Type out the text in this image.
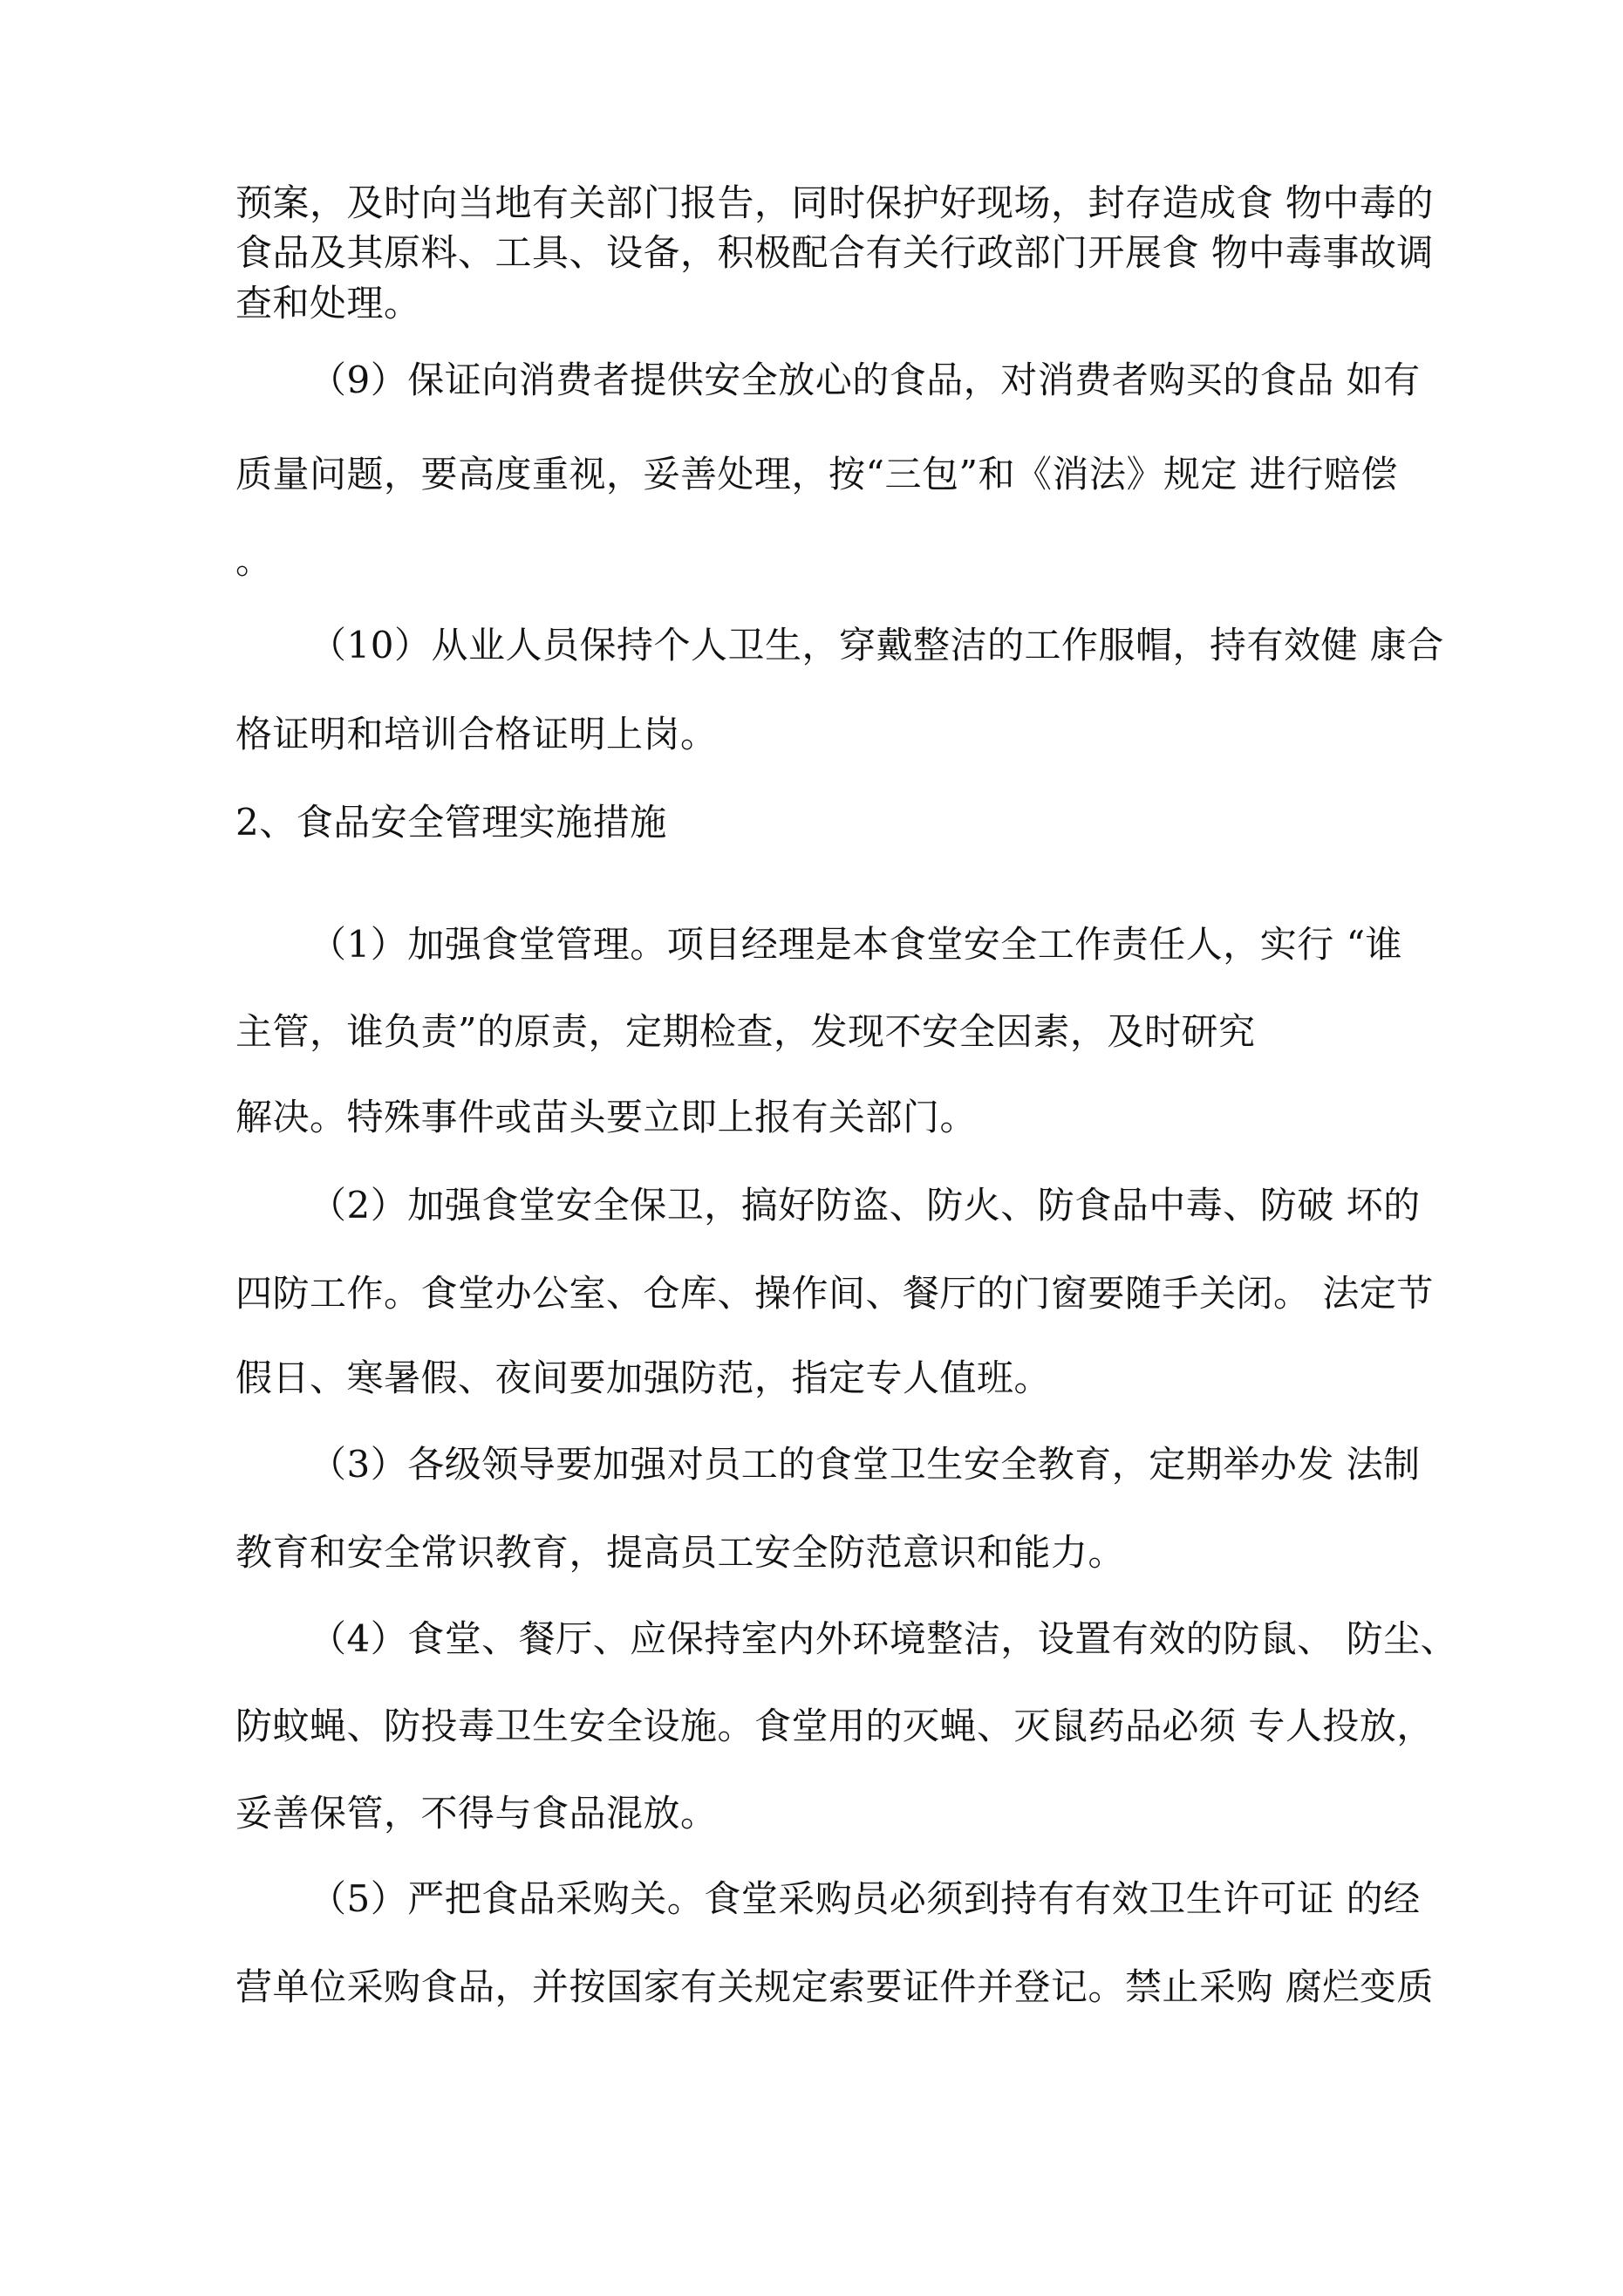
预案，及时向当地有关部门报告，同时保护好现场，封存造成食 物中毒的

食品及其原料、工具、设备，积极配合有关行政部门开展食 物中毒事故调

查和处理。

（9）保证向消费者提供安全放心的食品，对消费者购买的食品 如有

质量问题，要高度重视，妥善处理，按“三包”和《消法》规定 进行赔偿

。

（10）从业人员保持个人卫生，穿戴整洁的工作服帽，持有效健 康合

格证明和培训合格证明上岗。

2、食品安全管理实施措施

（1）加强食堂管理。项目经理是本食堂安全工作责任人，实行 “谁

主管，谁负责”的原责，定期检查，发现不安全因素，及时研究

解决。特殊事件或苗头要立即上报有关部门。

（2）加强食堂安全保卫，搞好防盗、防火、防食品中毒、防破 坏的

四防工作。食堂办公室、仓库、操作间、餐厅的门窗要随手关闭。 法定节

假日、寒暑假、夜间要加强防范，指定专人值班。

（3）各级领导要加强对员工的食堂卫生安全教育，定期举办发 法制

教育和安全常识教育，提高员工安全防范意识和能力。

（4）食堂、餐厅、应保持室内外环境整洁，设置有效的防鼠、 防尘、

防蚊蝇、防投毒卫生安全设施。食堂用的灭蝇、灭鼠药品必须 专人投放，

妥善保管，不得与食品混放。

（5）严把食品采购关。食堂采购员必须到持有有效卫生许可证 的经

营单位采购食品，并按国家有关规定索要证件并登记。禁止采购 腐烂变质
